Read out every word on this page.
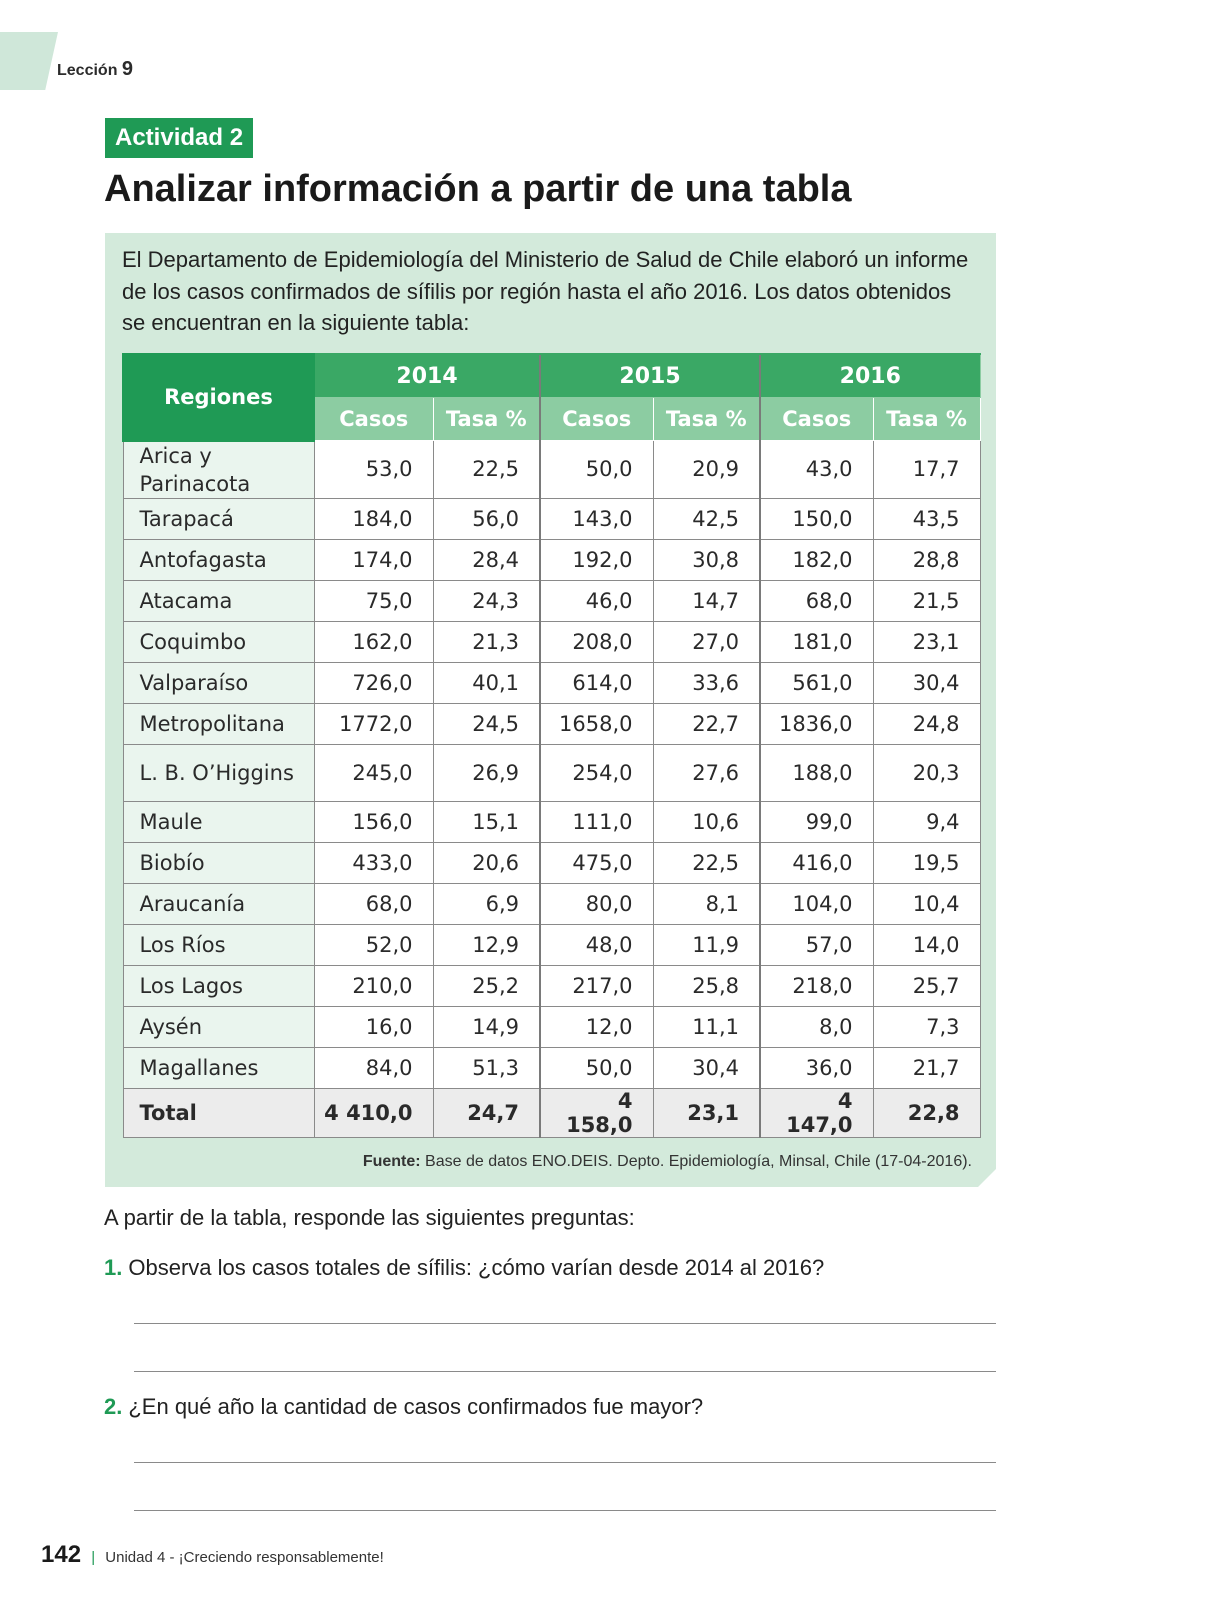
Lección 9
Actividad 2
Analizar información a partir de una tabla

El Departamento de Epidemiología del Ministerio de Salud de Chile elaboró un informe de los casos confirmados de sífilis por región hasta el año 2016. Los datos obtenidos se encuentran en la siguiente tabla:

Regiones	2014		2015		2016	
	Casos	Tasa %	Casos	Tasa %	Casos	Tasa %
Arica y Parinacota	53,0	22,5	50,0	20,9	43,0	17,7
Tarapacá	184,0	56,0	143,0	42,5	150,0	43,5
Antofagasta	174,0	28,4	192,0	30,8	182,0	28,8
Atacama	75,0	24,3	46,0	14,7	68,0	21,5
Coquimbo	162,0	21,3	208,0	27,0	181,0	23,1
Valparaíso	726,0	40,1	614,0	33,6	561,0	30,4
Metropolitana	1772,0	24,5	1658,0	22,7	1836,0	24,8
L. B. O’Higgins	245,0	26,9	254,0	27,6	188,0	20,3
Maule	156,0	15,1	111,0	10,6	99,0	9,4
Biobío	433,0	20,6	475,0	22,5	416,0	19,5
Araucanía	68,0	6,9	80,0	8,1	104,0	10,4
Los Ríos	52,0	12,9	48,0	11,9	57,0	14,0
Los Lagos	210,0	25,2	217,0	25,8	218,0	25,7
Aysén	16,0	14,9	12,0	11,1	8,0	7,3
Magallanes	84,0	51,3	50,0	30,4	36,0	21,7
Total	4 410,0	24,7	4 158,0	23,1	4 147,0	22,8
Fuente: Base de datos ENO.DEIS. Depto. Epidemiología, Minsal, Chile (17-04-2016).
A partir de la tabla, responde las siguientes preguntas:
1. Observa los casos totales de sífilis: ¿cómo varían desde 2014 al 2016?
2. ¿En qué año la cantidad de casos confirmados fue mayor?
142 | Unidad 4 - ¡Creciendo responsablemente!
